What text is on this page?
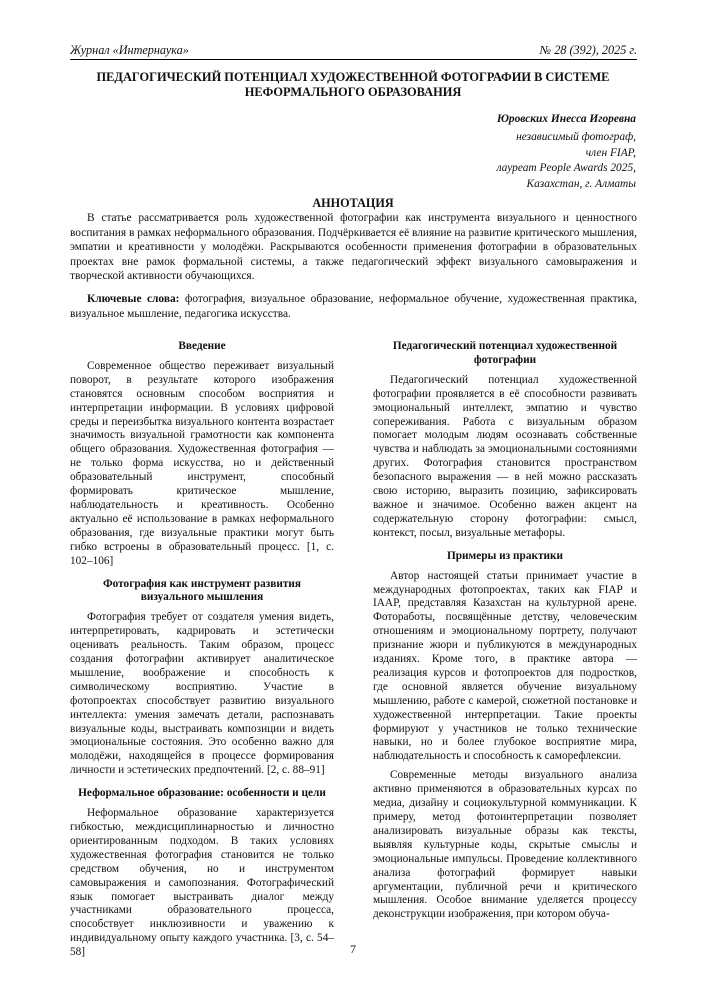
Журнал «Интернаука»	№ 28 (392), 2025 г.
ПЕДАГОГИЧЕСКИЙ ПОТЕНЦИАЛ ХУДОЖЕСТВЕННОЙ ФОТОГРАФИИ В СИСТЕМЕ НЕФОРМАЛЬНОГО ОБРАЗОВАНИЯ
Юровских Инесса Игоревна
независимый фотограф,
член FIAP,
лауреат People Awards 2025,
Казахстан, г. Алматы
АННОТАЦИЯ

В статье рассматривается роль художественной фотографии как инструмента визуального и ценностного воспитания в рамках неформального образования. Подчёркивается её влияние на развитие критического мышления, эмпатии и креативности у молодёжи. Раскрываются особенности применения фотографии в образовательных проектах вне рамок формальной системы, а также педагогический эффект визуального самовыражения и творческой активности обучающихся.

Ключевые слова: фотография, визуальное образование, неформальное обучение, художественная практика, визуальное мышление, педагогика искусства.

Введение

Современное общество переживает визуальный поворот, в результате которого изображения становятся основным способом восприятия и интерпретации информации. В условиях цифровой среды и переизбытка визуального контента возрастает значимость визуальной грамотности как компонента общего образования. Художественная фотография — не только форма искусства, но и действенный образовательный инструмент, способный формировать критическое мышление, наблюдательность и креативность. Особенно актуально её использование в рамках неформального образования, где визуальные практики могут быть гибко встроены в образовательный процесс. [1, с. 102–106]

Фотография как инструмент развития визуального мышления

Фотография требует от создателя умения видеть, интерпретировать, кадрировать и эстетически оценивать реальность. Таким образом, процесс создания фотографии активирует аналитическое мышление, воображение и способность к символическому восприятию. Участие в фотопроектах способствует развитию визуального интеллекта: умения замечать детали, распознавать визуальные коды, выстраивать композиции и видеть эмоциональные состояния. Это особенно важно для молодёжи, находящейся в процессе формирования личности и эстетических предпочтений. [2, с. 88–91]

Неформальное образование: особенности и цели

Неформальное образование характеризуется гибкостью, междисциплинарностью и личностно ориентированным подходом. В таких условиях художественная фотография становится не только средством обучения, но и инструментом самовыражения и самопознания. Фотографический язык помогает выстраивать диалог между участниками образовательного процесса, способствует инклюзивности и уважению к индивидуальному опыту каждого участника. [3, с. 54–58]

Педагогический потенциал художественной фотографии

Педагогический потенциал художественной фотографии проявляется в её способности развивать эмоциональный интеллект, эмпатию и чувство сопереживания. Работа с визуальным образом помогает молодым людям осознавать собственные чувства и наблюдать за эмоциональными состояниями других. Фотография становится пространством безопасного выражения — в ней можно рассказать свою историю, выразить позицию, зафиксировать важное и значимое. Особенно важен акцент на содержательную сторону фотографии: смысл, контекст, посыл, визуальные метафоры.

Примеры из практики

Автор настоящей статьи принимает участие в международных фотопроектах, таких как FIAP и IAAP, представляя Казахстан на культурной арене. Фотоработы, посвящённые детству, человеческим отношениям и эмоциональному портрету, получают признание жюри и публикуются в международных изданиях. Кроме того, в практике автора — реализация курсов и фотопроектов для подростков, где основной является обучение визуальному мышлению, работе с камерой, сюжетной постановке и художественной интерпретации. Такие проекты формируют у участников не только технические навыки, но и более глубокое восприятие мира, наблюдательность и способность к саморефлексии.

Современные методы визуального анализа активно применяются в образовательных курсах по медиа, дизайну и социокультурной коммуникации. К примеру, метод фотоинтерпретации позволяет анализировать визуальные образы как тексты, выявляя культурные коды, скрытые смыслы и эмоциональные импульсы. Проведение коллективного анализа фотографий формирует навыки аргументации, публичной речи и критического мышления. Особое внимание уделяется процессу деконструкции изображения, при котором обуча-

7
